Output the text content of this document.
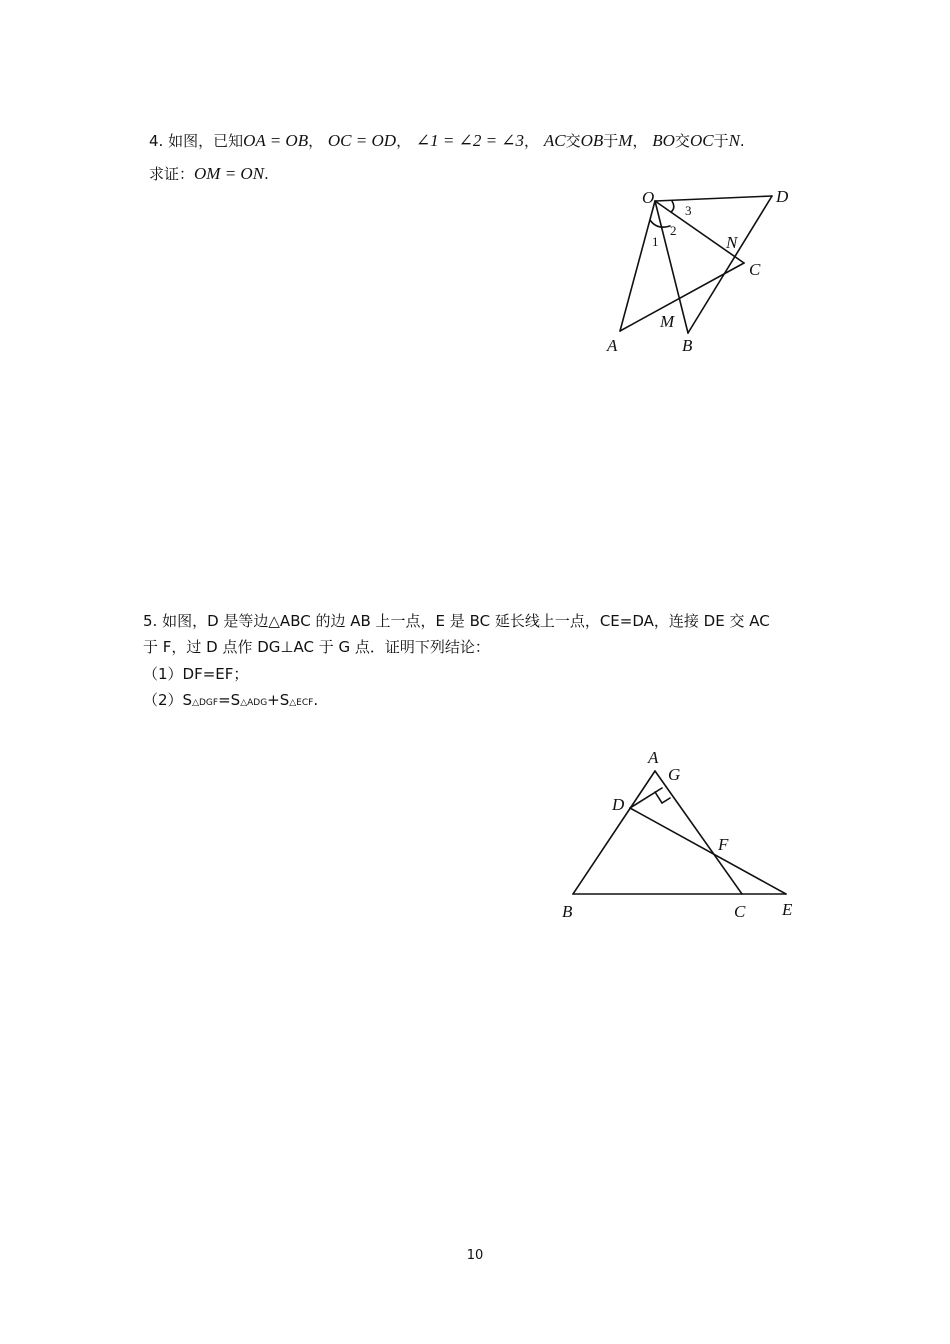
4. 如图，已知OA = OB， OC = OD， ∠1 = ∠2 = ∠3， AC交OB于M， BO交OC于N.
求证：OM = ON.
O	D
N
C
M
A	B
1
2
3
5. 如图，D 是等边△ABC 的边 AB 上一点，E 是 BC 延长线上一点，CE=DA，连接 DE 交 AC
于 F，过 D 点作 DG⊥AC 于 G 点．证明下列结论：
（1）DF=EF；
（2）S△DGF=S△ADG+S△ECF.
A
G
D
F
B	C E
10
